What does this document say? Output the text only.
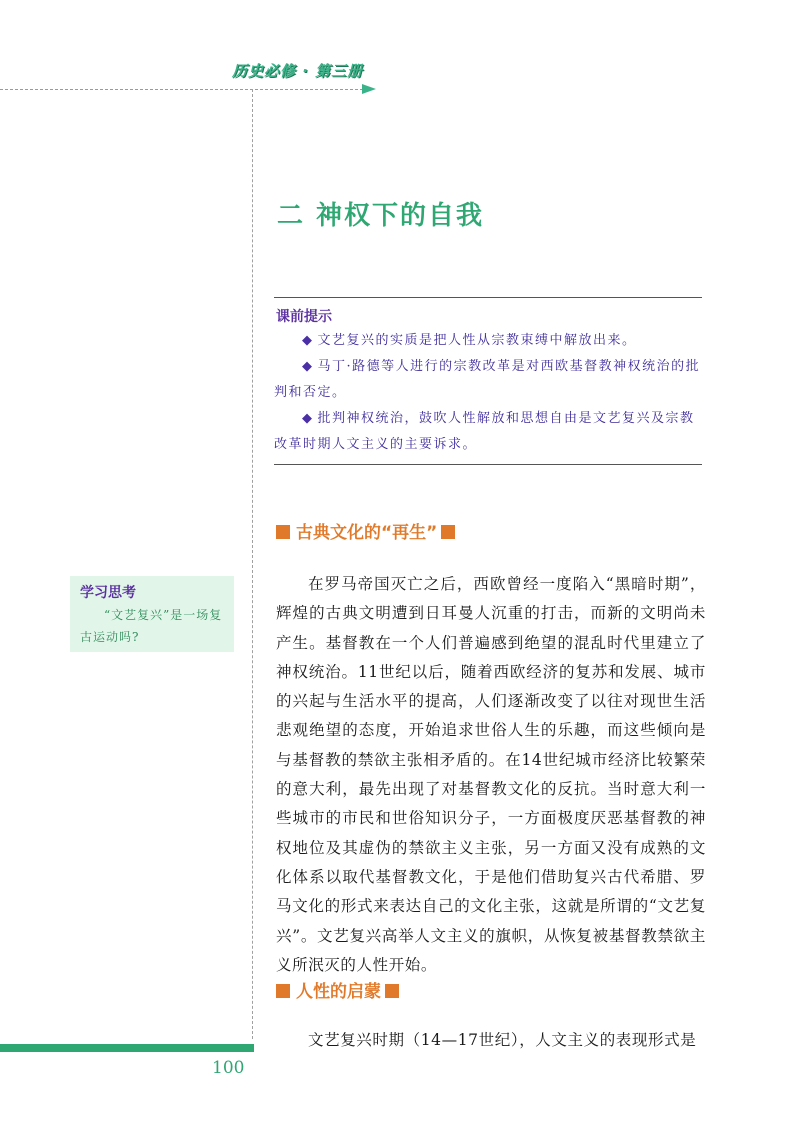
历史必修 · 第三册
二 神权下的自我
课前提示

◆ 文艺复兴的实质是把人性从宗教束缚中解放出来。

◆ 马丁·路德等人进行的宗教改革是对西欧基督教神权统治的批判和否定。

◆ 批判神权统治，鼓吹人性解放和思想自由是文艺复兴及宗教改革时期人文主义的主要诉求。

古典文化的“再生”
学习思考

“文艺复兴”是一场复古运动吗?

在罗马帝国灭亡之后，西欧曾经一度陷入“黑暗时期”，辉煌的古典文明遭到日耳曼人沉重的打击，而新的文明尚未产生。基督教在一个人们普遍感到绝望的混乱时代里建立了神权统治。11世纪以后，随着西欧经济的复苏和发展、城市的兴起与生活水平的提高，人们逐渐改变了以往对现世生活悲观绝望的态度，开始追求世俗人生的乐趣，而这些倾向是与基督教的禁欲主张相矛盾的。在14世纪城市经济比较繁荣的意大利，最先出现了对基督教文化的反抗。当时意大利一些城市的市民和世俗知识分子，一方面极度厌恶基督教的神权地位及其虚伪的禁欲主义主张，另一方面又没有成熟的文化体系以取代基督教文化，于是他们借助复兴古代希腊、罗马文化的形式来表达自己的文化主张，这就是所谓的“文艺复兴”。文艺复兴高举人文主义的旗帜，从恢复被基督教禁欲主义所泯灭的人性开始。

人性的启蒙

文艺复兴时期（14—17世纪），人文主义的表现形式是

100
